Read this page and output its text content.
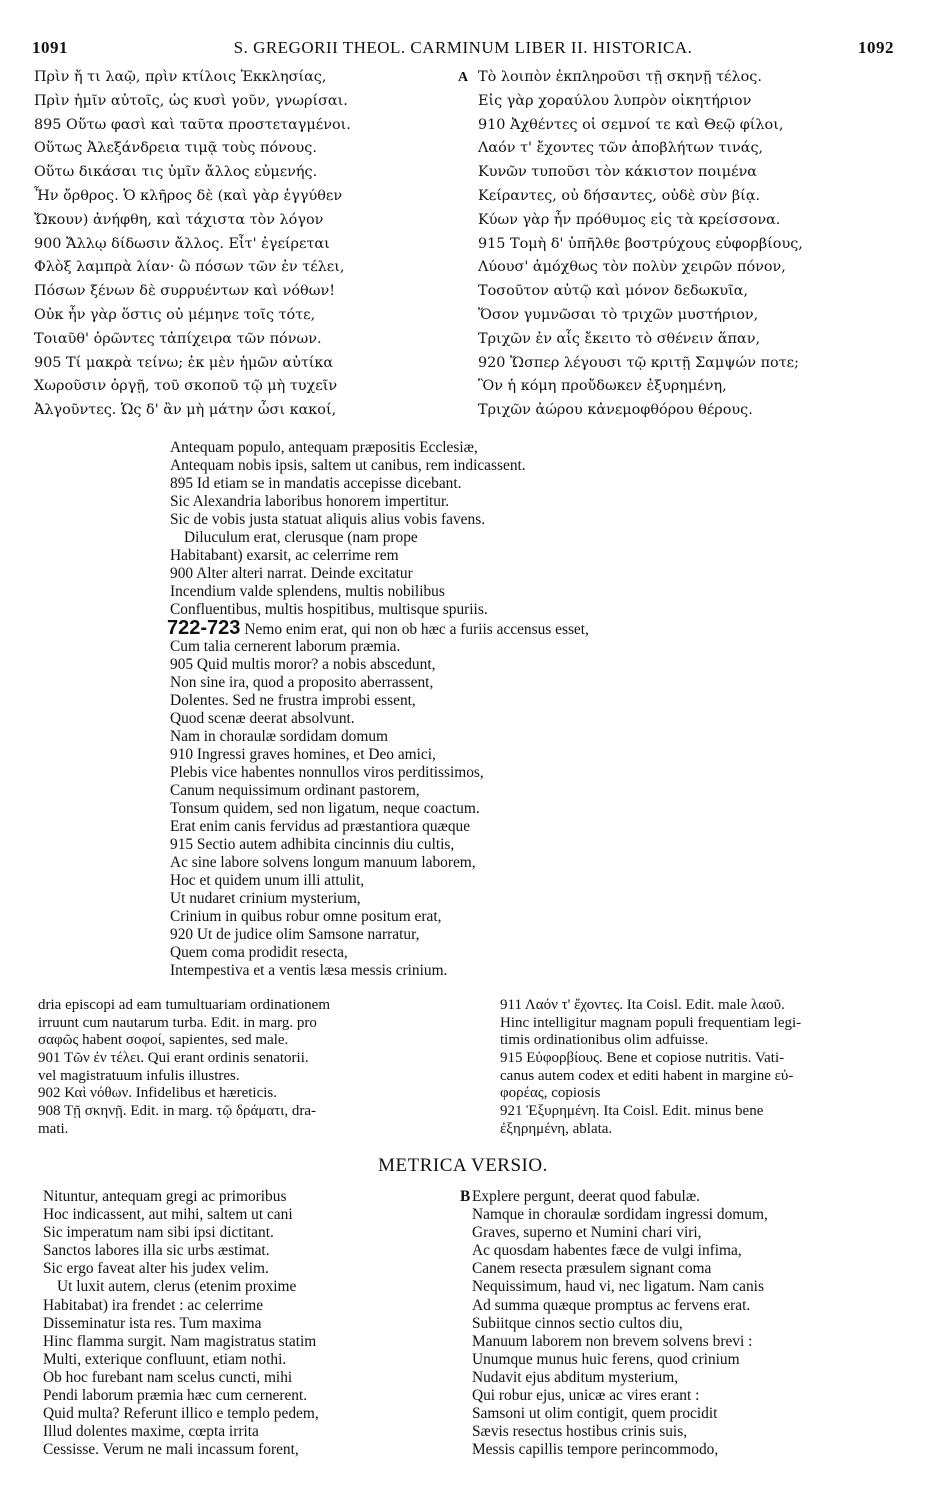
1091	S. GREGORII THEOL. CARMINUM LIBER II. HISTORICA.	1092
Πρὶν ἤ τι λαῷ, πρὶν κτίλοις Ἐκκλησίας,
Πρὶν ἡμῖν αὐτοῖς, ὡς κυσὶ γοῦν, γνωρίσαι.
895 Οὕτω φασὶ καὶ ταῦτα προστεταγμένοι.
Οὕτως Ἀλεξάνδρεια τιμᾷ τοὺς πόνους.
Οὕτω δικάσαι τις ὑμῖν ἄλλος εὐμενής.
Ἦν ὄρθρος. Ὁ κλῆρος δὲ (καὶ γὰρ ἐγγύθεν
Ὤκουν) ἀνήφθη, καὶ τάχιστα τὸν λόγον
900 Ἄλλῳ δίδωσιν ἄλλος. Εἶτ' ἐγείρεται
Φλὸξ λαμπρὰ λίαν· ὢ πόσων τῶν ἐν τέλει,
Πόσων ξένων δὲ συρρυέντων καὶ νόθων!
Οὐκ ἦν γὰρ ὅστις οὐ μέμηνε τοῖς τότε,
Τοιαῦθ' ὁρῶντες τἀπίχειρα τῶν πόνων.
905 Τί μακρὰ τείνω; ἐκ μὲν ἡμῶν αὐτίκα
Χωροῦσιν ὀργῇ, τοῦ σκοποῦ τῷ μὴ τυχεῖν
Ἀλγοῦντες. Ὡς δ' ἂν μὴ μάτην ὦσι κακοί,
A Τὸ λοιπὸν ἐκπληροῦσι τῇ σκηνῇ τέλος.
Εἰς γὰρ χοραύλου λυπρὸν οἰκητήριον
910 Ἀχθέντες οἱ σεμνοί τε καὶ Θεῷ φίλοι,
Λαόν τ' ἔχοντες τῶν ἀποβλήτων τινάς,
Κυνῶν τυποῦσι τὸν κάκιστον ποιμένα
Κείραντες, οὐ δήσαντες, οὐδὲ σὺν βίᾳ.
Κύων γὰρ ἦν πρόθυμος εἰς τὰ κρείσσονα.
915 Τομὴ δ' ὑπῆλθε βοστρύχους εὐφορβίους,
Λύουσ' ἀμόχθως τὸν πολὺν χειρῶν πόνον,
Τοσοῦτον αὐτῷ καὶ μόνον δεδωκυῖα,
Ὅσον γυμνῶσαι τὸ τριχῶν μυστήριον,
Τριχῶν ἐν αἷς ἔκειτο τὸ σθένειν ἅπαν,
920 Ὥσπερ λέγουσι τῷ κριτῇ Σαμψών ποτε;
Ὃν ἡ κόμη προὔδωκεν ἐξυρημένη,
Τριχῶν ἀώρου κἀνεμοφθόρου θέρους.
Antequam populo, antequam præpositis Ecclesiæ,
Antequam nobis ipsis, saltem ut canibus, rem indicassent.
895 Id etiam se in mandatis accepisse dicebant.
Sic Alexandria laboribus honorem impertitur.
Sic de vobis justa statuat aliquis alius vobis favens.
Diluculum erat, clerusque (nam prope
Habitabant) exarsit, ac celerrime rem
900 Alter alteri narrat. Deinde excitatur
Incendium valde splendens, multis nobilibus
Confluentibus, multis hospitibus, multisque spuriis.
722-723 Nemo enim erat, qui non ob hæc a furiis accensus esset,
Cum talia cernerent laborum præmia.
905 Quid multis moror? a nobis abscedunt,
Non sine ira, quod a proposito aberrassent,
Dolentes. Sed ne frustra improbi essent,
Quod scenæ deerat absolvunt.
Nam in choraulæ sordidam domum
910 Ingressi graves homines, et Deo amici,
Plebis vice habentes nonnullos viros perditissimos,
Canum nequissimum ordinant pastorem,
Tonsum quidem, sed non ligatum, neque coactum.
Erat enim canis fervidus ad præstantiora quæque
915 Sectio autem adhibita cincinnis diu cultis,
Ac sine labore solvens longum manuum laborem,
Hoc et quidem unum illi attulit,
Ut nudaret crinium mysterium,
Crinium in quibus robur omne positum erat,
920 Ut de judice olim Samsone narratur,
Quem coma prodidit resecta,
Intempestiva et a ventis læsa messis crinium.
dria episcopi ad eam tumultuariam ordinationem
irruunt cum nautarum turba. Edit. in marg. pro
σαφῶς habent σοφοί, sapientes, sed male.
901 Τῶν ἐν τέλει. Qui erant ordinis senatorii.
vel magistratuum infulis illustres.
902 Καὶ νόθων. Infidelibus et hæreticis.
908 Τῇ σκηνῇ. Edit. in marg. τῷ δράματι, dra-
mati.
911 Λαόν τ' ἔχοντες. Ita Coisl. Edit. male λαοῦ.
Hinc intelligitur magnam populi frequentiam legi-
timis ordinationibus olim adfuisse.
915 Εὐφορβίους. Bene et copiose nutritis. Vati-
canus autem codex et editi habent in margine εὐ-
φορέας, copiosis
921 Ἐξυρημένη. Ita Coisl. Edit. minus bene
ἐξηρημένη, ablata.
METRICA VERSIO.
Nituntur, antequam gregi ac primoribus
Hoc indicassent, aut mihi, saltem ut cani
Sic imperatum nam sibi ipsi dictitant.
Sanctos labores illa sic urbs æstimat.
Sic ergo faveat alter his judex velim.
Ut luxit autem, clerus (etenim proxime
Habitabat) ira frendet : ac celerrime
Disseminatur ista res. Tum maxima
Hinc flamma surgit. Nam magistratus statim
Multi, exterique confluunt, etiam nothi.
Ob hoc furebant nam scelus cuncti, mihi
Pendi laborum præmia hæc cum cernerent.
Quid multa? Referunt illico e templo pedem,
Illud dolentes maxime, cœpta irrita
Cessisse. Verum ne mali incassum forent,
B Explere pergunt, deerat quod fabulæ.
Namque in choraulæ sordidam ingressi domum,
Graves, superno et Numini chari viri,
Ac quosdam habentes fæce de vulgi infima,
Canem resecta præsulem signant coma
Nequissimum, haud vi, nec ligatum. Nam canis
Ad summa quæque promptus ac fervens erat.
Subiitque cinnos sectio cultos diu,
Manuum laborem non brevem solvens brevi :
Unumque munus huic ferens, quod crinium
Nudavit ejus abditum mysterium,
Qui robur ejus, unicæ ac vires erant :
Samsoni ut olim contigit, quem procidit
Sævis resectus hostibus crinis suis,
Messis capillis tempore perincommodo,
